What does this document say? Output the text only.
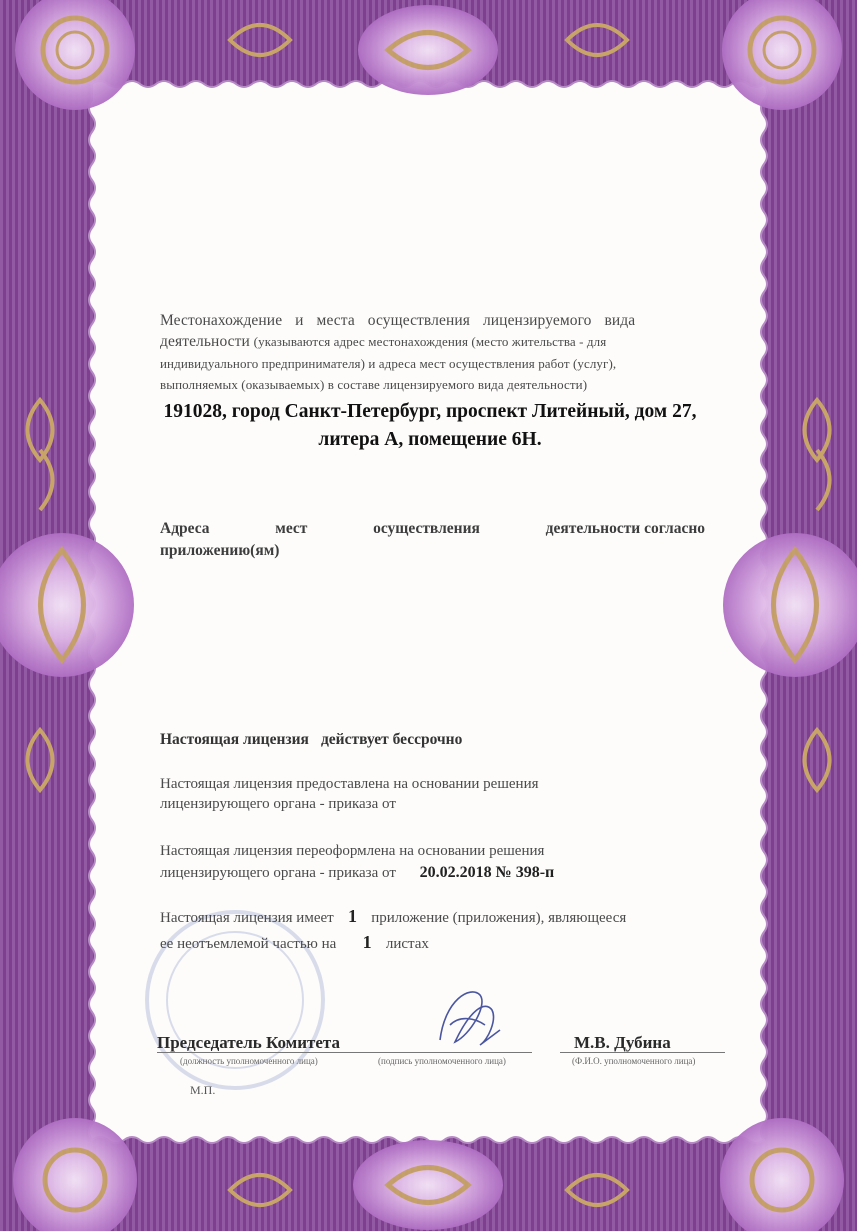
Местонахождение и места осуществления лицензируемого вида
деятельности (указываются адрес местонахождения (место жительства - для
индивидуального предпринимателя) и адреса мест осуществления работ (услуг),
выполняемых (оказываемых) в составе лицензируемого вида деятельности)
191028, город Санкт-Петербург, проспект Литейный, дом 27,
литера А, помещение 6Н.
Адреса	мест	осуществления	деятельности согласно
приложению(ям)
Настоящая лицензия действует бессрочно
Настоящая лицензия предоставлена на основании решения
лицензирующего органа - приказа от
Настоящая лицензия переоформлена на основании решения
лицензирующего органа - приказа от 20.02.2018 № 398-п
Настоящая лицензия имеет 1 приложение (приложения), являющееся
ее неотъемлемой частью на 1 листах
Председатель Комитета	М.В. Дубина
(должность уполномоченного лица)	(подпись уполномоченного лица)	(Ф.И.О. уполномоченного лица)
М.П.
